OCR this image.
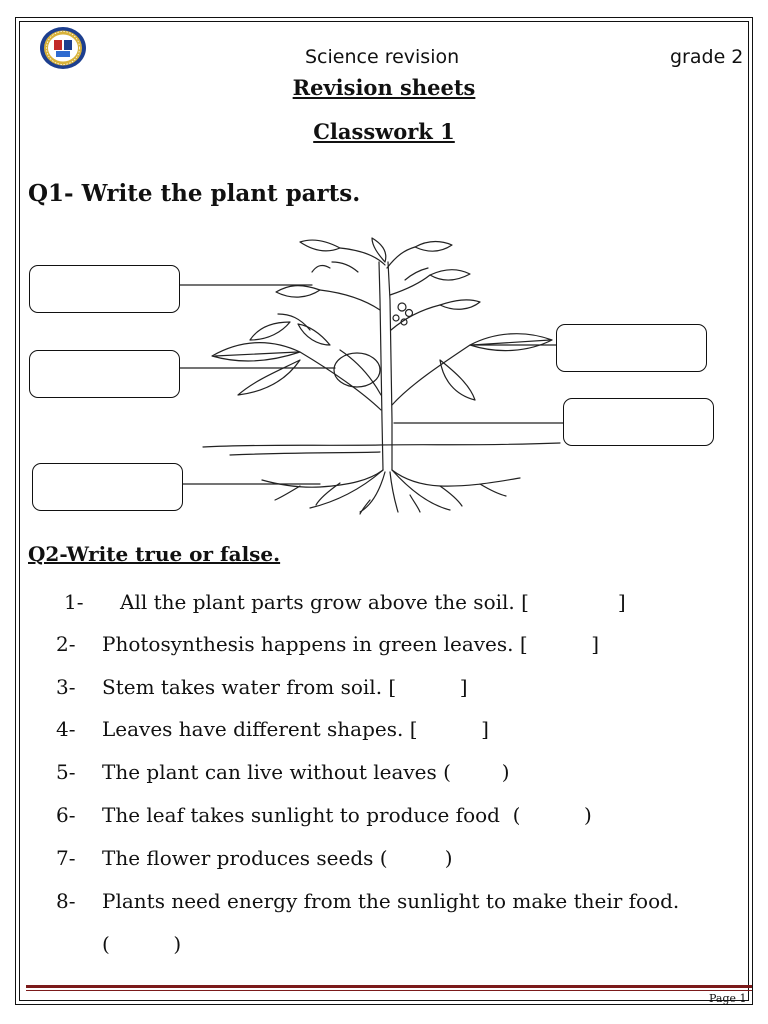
Science revision	grade 2
Revision sheets
Classwork 1
Q1- Write the plant parts.
Q2-Write true or false.
1- All the plant parts grow above the soil. [              ]
2- Photosynthesis happens in green leaves. [          ]
3- Stem takes water from soil. [          ]
4- Leaves have different shapes. [          ]
5- The plant can live without leaves (        )
6- The leaf takes sunlight to produce food  (          )
7- The flower produces seeds (         )
8- Plants need energy from the sunlight to make their food.
(          )
Page 1
